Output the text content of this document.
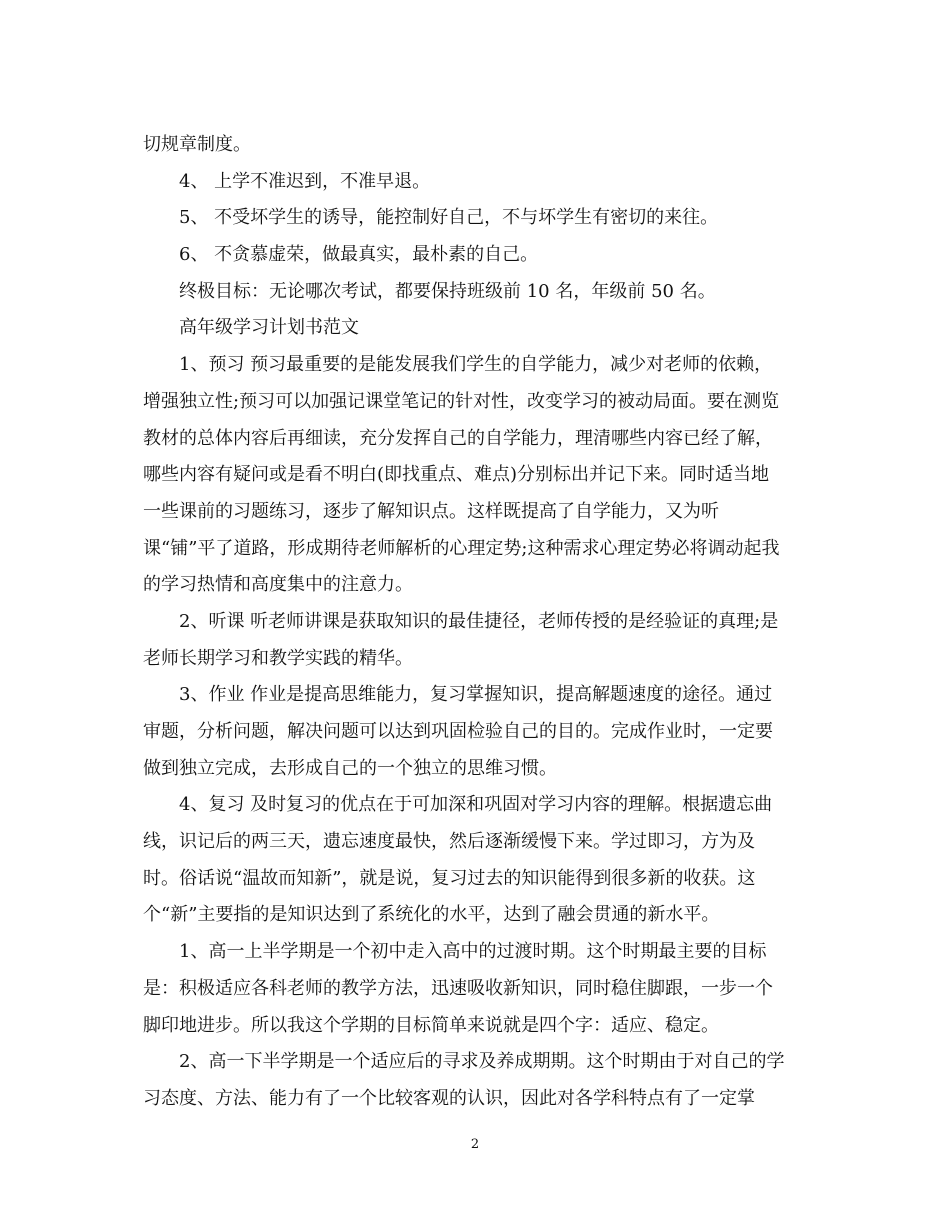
切规章制度。
4、 上学不准迟到，不准早退。
5、 不受坏学生的诱导，能控制好自己，不与坏学生有密切的来往。
6、 不贪慕虚荣，做最真实，最朴素的自己。
终极目标：无论哪次考试，都要保持班级前 10 名，年级前 50 名。
高年级学习计划书范文
1、预习 预习最重要的是能发展我们学生的自学能力，减少对老师的依赖，
增强独立性;预习可以加强记课堂笔记的针对性，改变学习的被动局面。要在测览
教材的总体内容后再细读，充分发挥自己的自学能力，理清哪些内容已经了解，
哪些内容有疑问或是看不明白(即找重点、难点)分别标出并记下来。同时适当地
一些课前的习题练习，逐步了解知识点。这样既提高了自学能力，又为听
课“铺”平了道路，形成期待老师解析的心理定势;这种需求心理定势必将调动起我
的学习热情和高度集中的注意力。
2、听课 听老师讲课是获取知识的最佳捷径，老师传授的是经验证的真理;是
老师长期学习和教学实践的精华。
3、作业 作业是提高思维能力，复习掌握知识，提高解题速度的途径。通过
审题，分析问题，解决问题可以达到巩固检验自己的目的。完成作业时，一定要
做到独立完成，去形成自己的一个独立的思维习惯。
4、复习 及时复习的优点在于可加深和巩固对学习内容的理解。根据遗忘曲
线，识记后的两三天，遗忘速度最快，然后逐渐缓慢下来。学过即习，方为及
时。俗话说“温故而知新”，就是说，复习过去的知识能得到很多新的收获。这
个“新”主要指的是知识达到了系统化的水平，达到了融会贯通的新水平。
1、高一上半学期是一个初中走入高中的过渡时期。这个时期最主要的目标
是：积极适应各科老师的教学方法，迅速吸收新知识，同时稳住脚跟，一步一个
脚印地进步。所以我这个学期的目标简单来说就是四个字：适应、稳定。
2、高一下半学期是一个适应后的寻求及养成期期。这个时期由于对自己的学
习态度、方法、能力有了一个比较客观的认识，因此对各学科特点有了一定掌
2
